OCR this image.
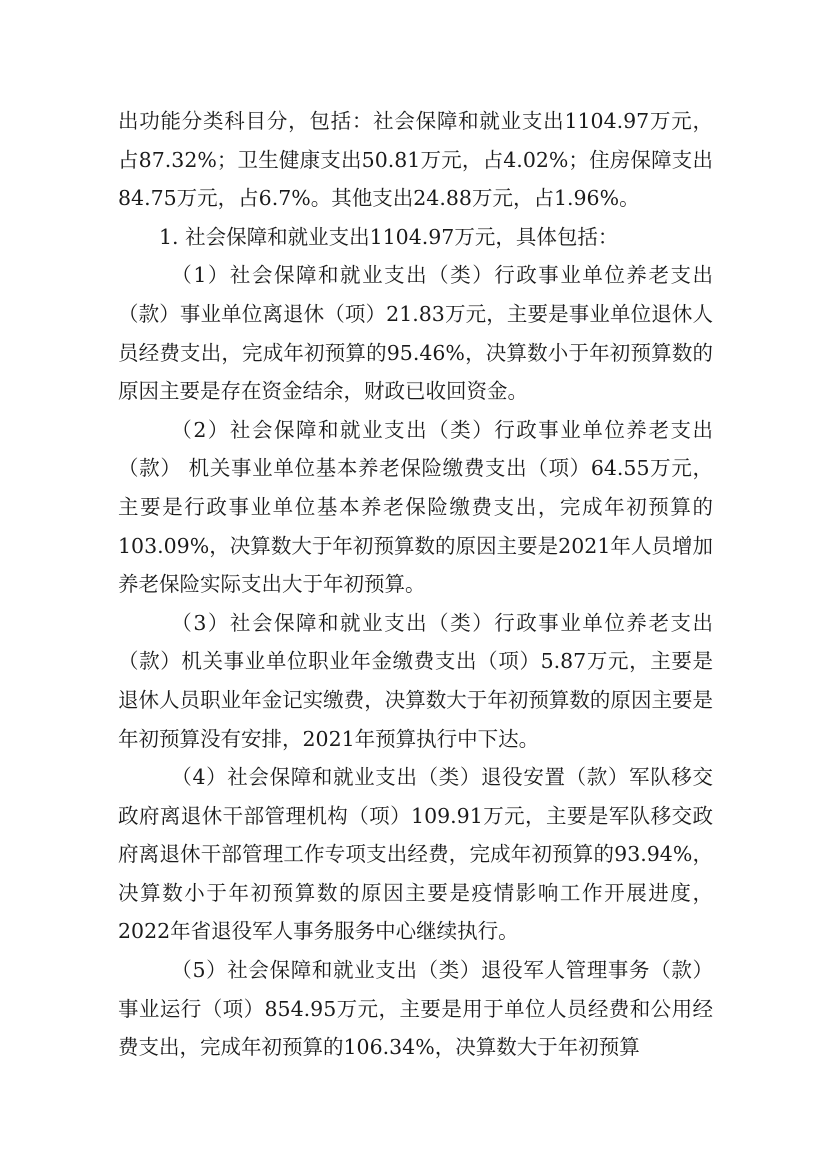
出功能分类科目分，包括：社会保障和就业支出1104.97万元，占87.32%；卫生健康支出50.81万元，占4.02%；住房保障支出84.75万元，占6.7%。其他支出24.88万元，占1.96%。

1. 社会保障和就业支出1104.97万元，具体包括：

（1）社会保障和就业支出（类）行政事业单位养老支出（款）事业单位离退休（项）21.83万元，主要是事业单位退休人员经费支出，完成年初预算的95.46%，决算数小于年初预算数的原因主要是存在资金结余，财政已收回资金。

（2）社会保障和就业支出（类）行政事业单位养老支出（款） 机关事业单位基本养老保险缴费支出（项）64.55万元，主要是行政事业单位基本养老保险缴费支出，完成年初预算的103.09%，决算数大于年初预算数的原因主要是2021年人员增加养老保险实际支出大于年初预算。

（3）社会保障和就业支出（类）行政事业单位养老支出（款）机关事业单位职业年金缴费支出（项）5.87万元，主要是退休人员职业年金记实缴费，决算数大于年初预算数的原因主要是年初预算没有安排，2021年预算执行中下达。

（4）社会保障和就业支出（类）退役安置（款）军队移交政府离退休干部管理机构（项）109.91万元，主要是军队移交政府离退休干部管理工作专项支出经费，完成年初预算的93.94%，决算数小于年初预算数的原因主要是疫情影响工作开展进度，2022年省退役军人事务服务中心继续执行。

（5）社会保障和就业支出（类）退役军人管理事务（款）事业运行（项）854.95万元，主要是用于单位人员经费和公用经费支出，完成年初预算的106.34%，决算数大于年初预算
